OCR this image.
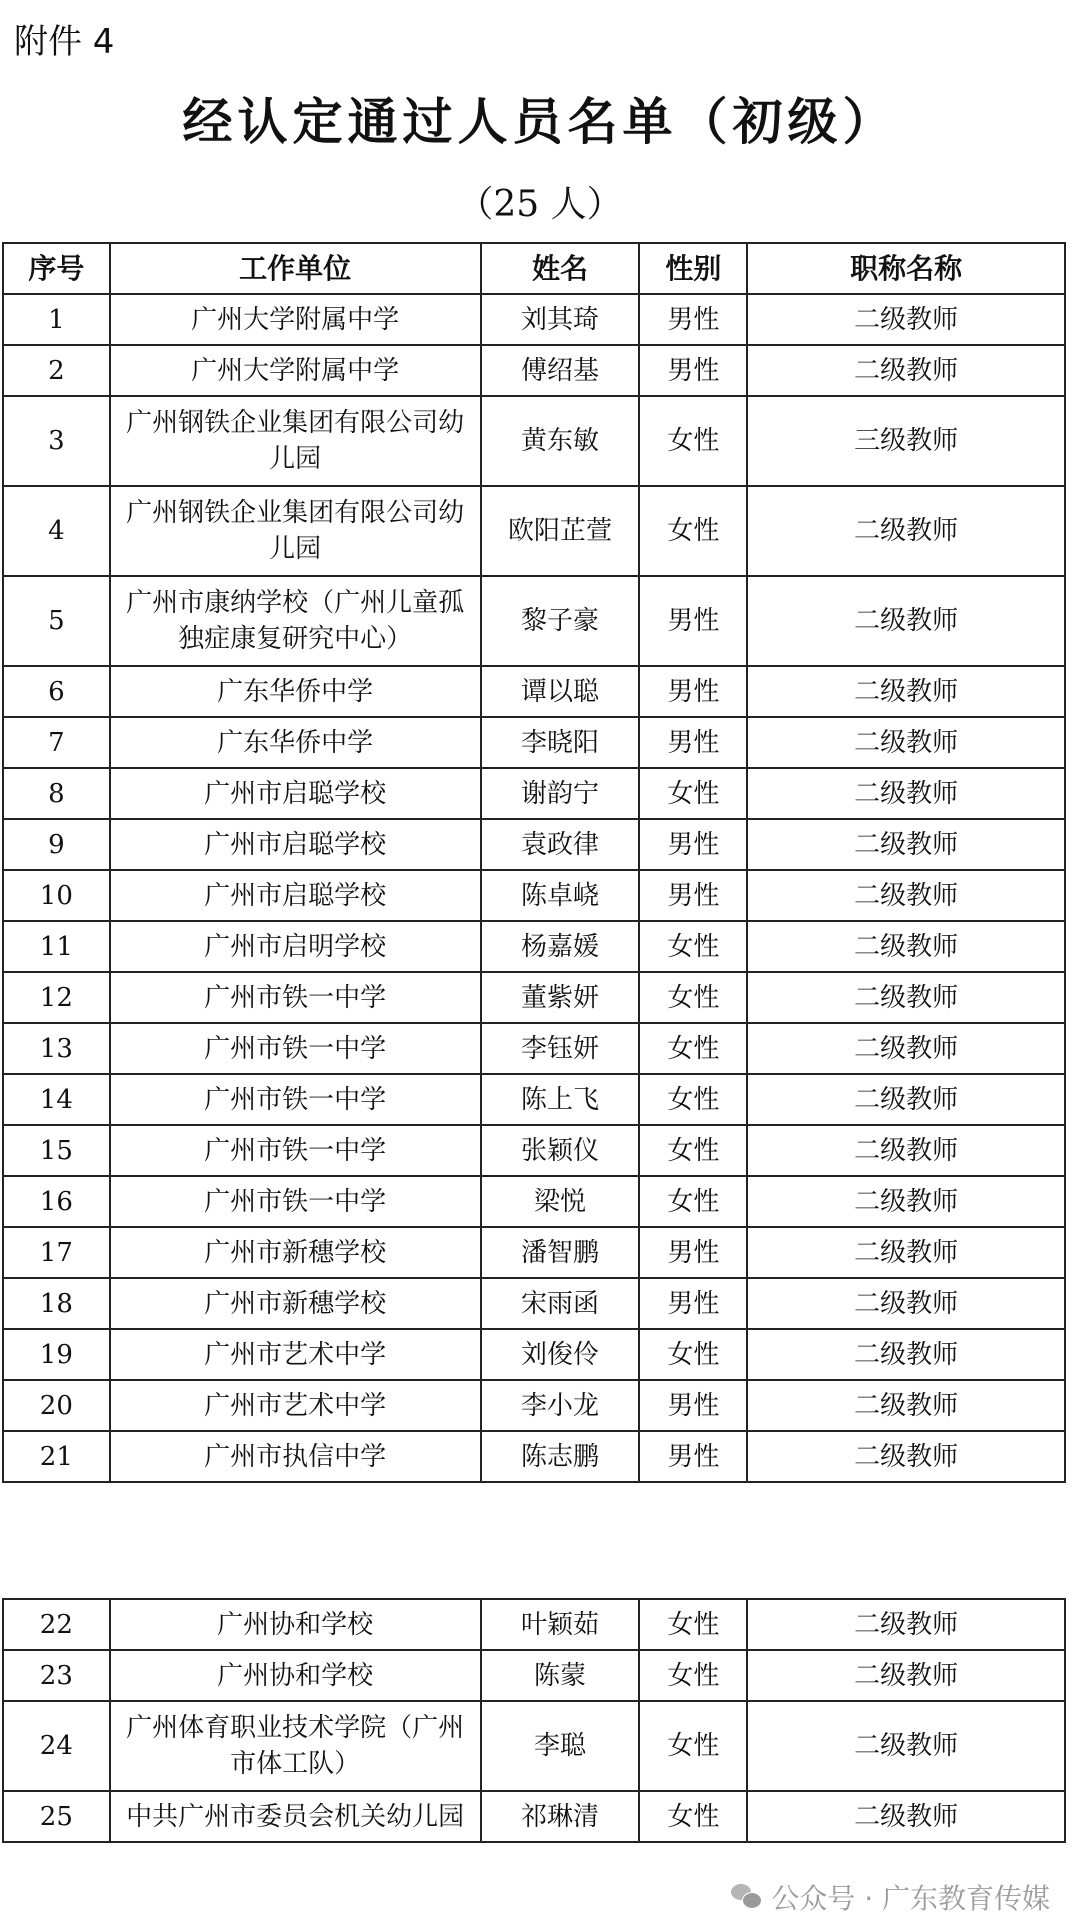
附件 4
经认定通过人员名单（初级）
（25 人）
序号	工作单位	姓名	性别	职称名称
1	广州大学附属中学	刘其琦	男性	二级教师
2	广州大学附属中学	傅绍基	男性	二级教师
3	广州钢铁企业集团有限公司幼儿园	黄东敏	女性	三级教师
4	广州钢铁企业集团有限公司幼儿园	欧阳芷萱	女性	二级教师
5	广州市康纳学校（广州儿童孤独症康复研究中心）	黎子豪	男性	二级教师
6	广东华侨中学	谭以聪	男性	二级教师
7	广东华侨中学	李晓阳	男性	二级教师
8	广州市启聪学校	谢韵宁	女性	二级教师
9	广州市启聪学校	袁政律	男性	二级教师
10	广州市启聪学校	陈卓峣	男性	二级教师
11	广州市启明学校	杨嘉媛	女性	二级教师
12	广州市铁一中学	董紫妍	女性	二级教师
13	广州市铁一中学	李钰妍	女性	二级教师
14	广州市铁一中学	陈上飞	女性	二级教师
15	广州市铁一中学	张颖仪	女性	二级教师
16	广州市铁一中学	梁悦	女性	二级教师
17	广州市新穗学校	潘智鹏	男性	二级教师
18	广州市新穗学校	宋雨函	男性	二级教师
19	广州市艺术中学	刘俊伶	女性	二级教师
20	广州市艺术中学	李小龙	男性	二级教师
21	广州市执信中学	陈志鹏	男性	二级教师
22	广州协和学校	叶颖茹	女性	二级教师
23	广州协和学校	陈蒙	女性	二级教师
24	广州体育职业技术学院（广州市体工队）	李聪	女性	二级教师
25	中共广州市委员会机关幼儿园	祁琳清	女性	二级教师
公众号 · 广东教育传媒
